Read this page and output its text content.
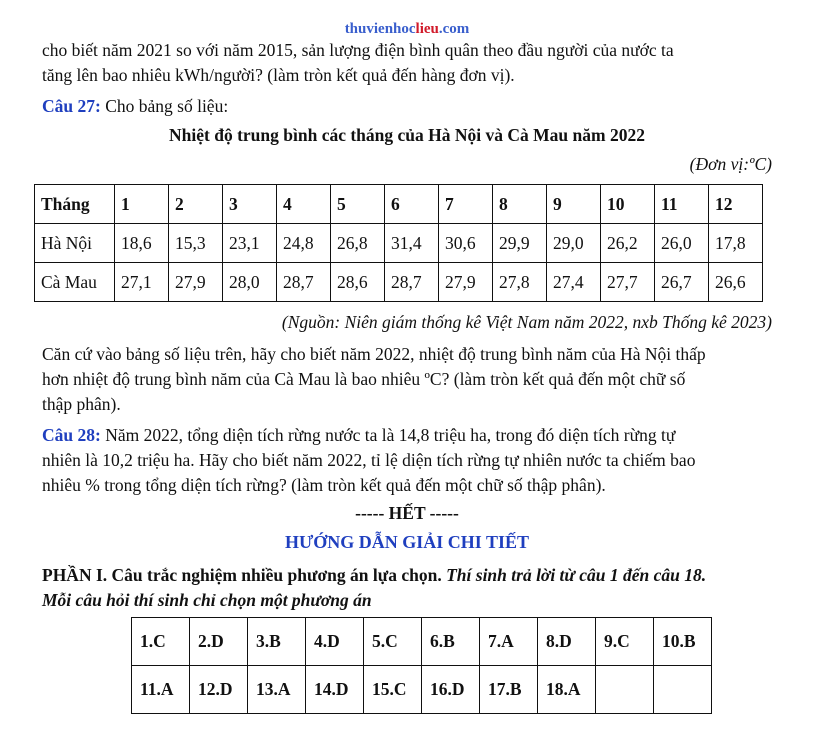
thuvienhoclieu.com
cho biết năm 2021 so với năm 2015, sản lượng điện bình quân theo đầu người của nước ta
tăng lên bao nhiêu kWh/người? (làm tròn kết quả đến hàng đơn vị).
Câu 27: Cho bảng số liệu:
Nhiệt độ trung bình các tháng của Hà Nội và Cà Mau năm 2022
(Đơn vị:ºC)
Tháng	1	2	3	4	5	6	7	8	9	10	11	12
Hà Nội	18,6	15,3	23,1	24,8	26,8	31,4	30,6	29,9	29,0	26,2	26,0	17,8
Cà Mau	27,1	27,9	28,0	28,7	28,6	28,7	27,9	27,8	27,4	27,7	26,7	26,6
(Nguồn: Niên giám thống kê Việt Nam năm 2022, nxb Thống kê 2023)
Căn cứ vào bảng số liệu trên, hãy cho biết năm 2022, nhiệt độ trung bình năm của Hà Nội thấp
hơn nhiệt độ trung bình năm của Cà Mau là bao nhiêu ºC? (làm tròn kết quả đến một chữ số
thập phân).
Câu 28: Năm 2022, tổng diện tích rừng nước ta là 14,8 triệu ha, trong đó diện tích rừng tự
nhiên là 10,2 triệu ha. Hãy cho biết năm 2022, tỉ lệ diện tích rừng tự nhiên nước ta chiếm bao
nhiêu % trong tổng diện tích rừng? (làm tròn kết quả đến một chữ số thập phân).
----- HẾT -----
HƯỚNG DẪN GIẢI CHI TIẾT
PHẦN I. Câu trắc nghiệm nhiều phương án lựa chọn. Thí sinh trả lời từ câu 1 đến câu 18.
Mỗi câu hỏi thí sinh chỉ chọn một phương án
1.C	2.D	3.B	4.D	5.C	6.B	7.A	8.D	9.C	10.B
11.A	12.D	13.A	14.D	15.C	16.D	17.B	18.A		
